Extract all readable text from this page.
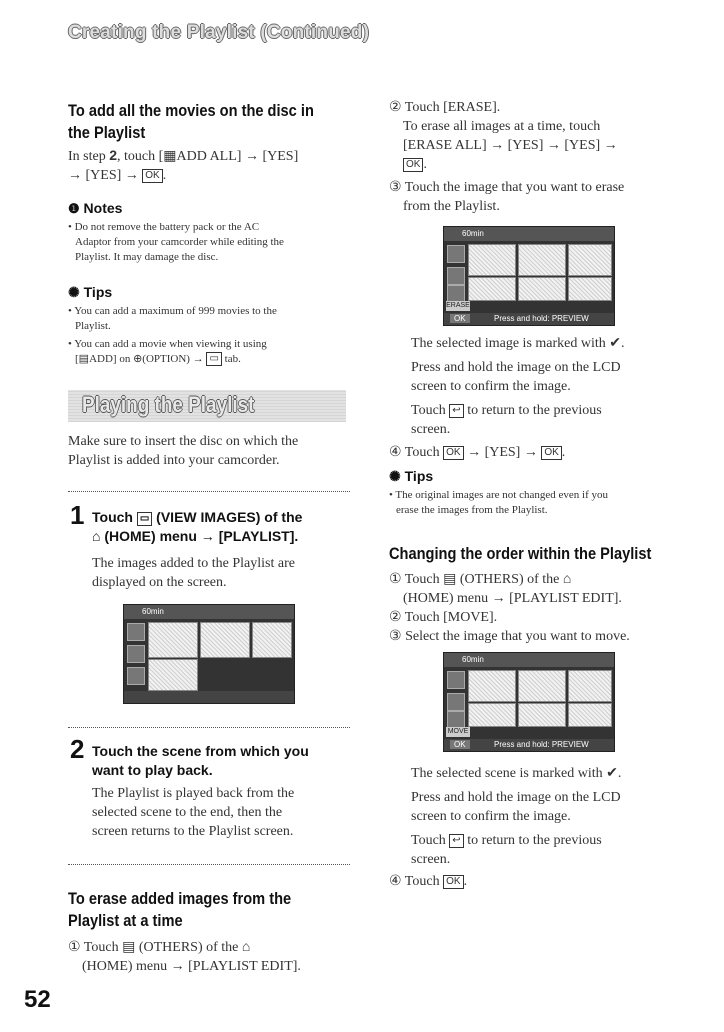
Creating the Playlist (Continued)
To add all the movies on the disc in
the Playlist
In step 2, touch [▦ADD ALL] → [YES]
→ [YES] → OK .
❶ Notes
• Do not remove the battery pack or the AC
Adaptor from your camcorder while editing the
Playlist. It may damage the disc.
✺ Tips
• You can add a maximum of 999 movies to the
Playlist.
• You can add a movie when viewing it using
[▤ADD] on ⊕(OPTION) → ▭ tab.
Playing the Playlist
Make sure to insert the disc on which the
Playlist is added into your camcorder.
1 Touch ▭ (VIEW IMAGES) of the
⌂ (HOME) menu → [PLAYLIST].
The images added to the Playlist are
displayed on the screen.
60min
2 Touch the scene from which you
want to play back.
The Playlist is played back from the
selected scene to the end, then the
screen returns to the Playlist screen.
To erase added images from the
Playlist at a time
① Touch ▤ (OTHERS) of the ⌂
(HOME) menu → [PLAYLIST EDIT].
52
② Touch [ERASE].
To erase all images at a time, touch
[ERASE ALL] → [YES] → [YES] →
OK .
③ Touch the image that you want to erase
from the Playlist.
60min
ERASE
OK	Press and hold: PREVIEW
The selected image is marked with ✔.
Press and hold the image on the LCD
screen to confirm the image.
Touch ↩ to return to the previous
screen.
④ Touch OK → [YES] → OK .
✺ Tips
• The original images are not changed even if you
erase the images from the Playlist.
Changing the order within the Playlist
① Touch ▤ (OTHERS) of the ⌂
(HOME) menu → [PLAYLIST EDIT].
② Touch [MOVE].
③ Select the image that you want to move.
60min
MOVE
OK	Press and hold: PREVIEW
The selected scene is marked with ✔.
Press and hold the image on the LCD
screen to confirm the image.
Touch ↩ to return to the previous
screen.
④ Touch OK .
